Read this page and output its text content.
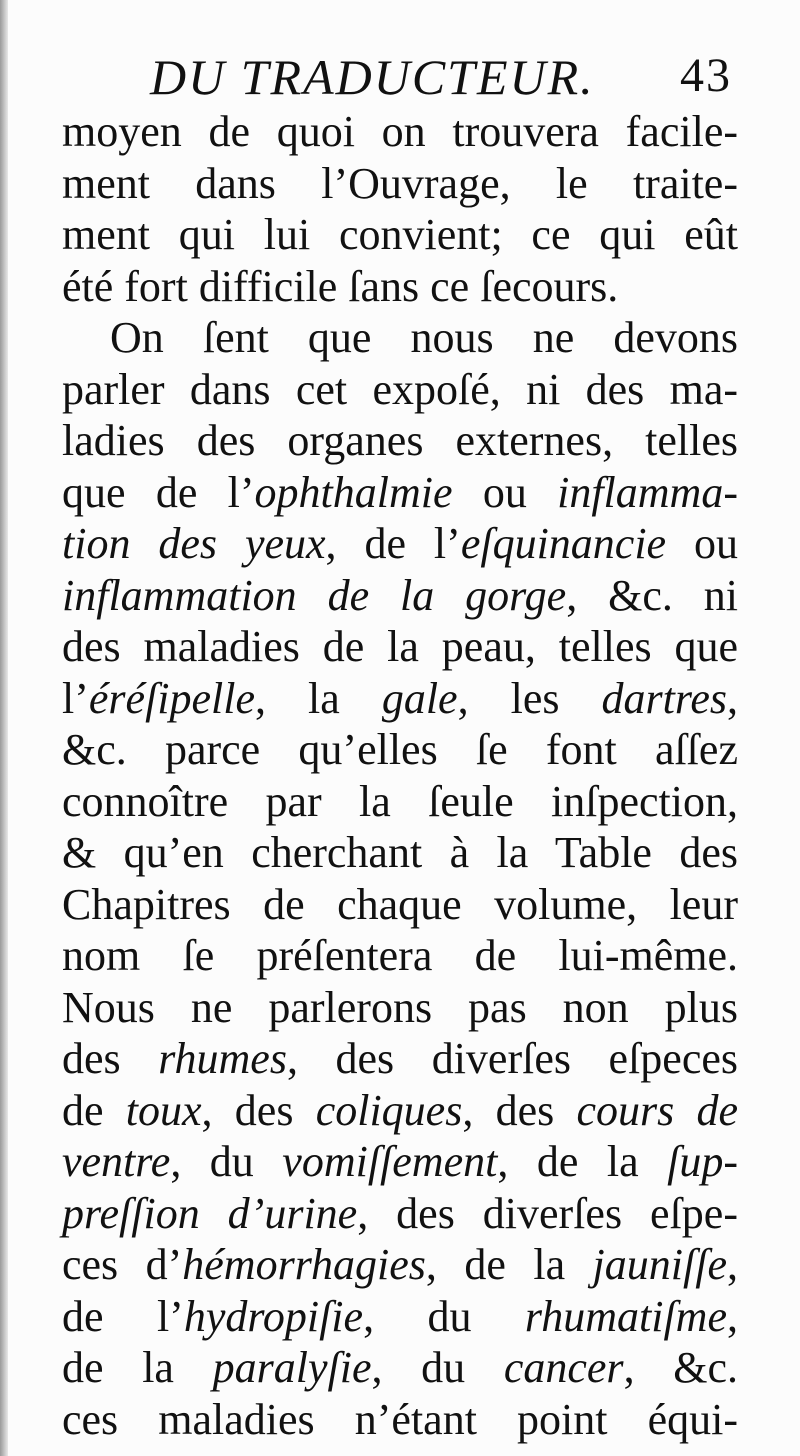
DU TRADUCTEUR. 43
moyen de quoi on trouvera facile-
ment dans l’Ouvrage, le traite-
ment qui lui convient; ce qui eût
été fort difficile ſans ce ſecours.
On ſent que nous ne devons
parler dans cet expoſé, ni des ma-
ladies des organes externes, telles
que de l’ophthalmie ou inflamma-
tion des yeux, de l’eſquinancie ou
inflammation de la gorge, &c. ni
des maladies de la peau, telles que
l’éréſipelle, la gale, les dartres,
&c. parce qu’elles ſe font aſſez
connoître par la ſeule inſpection,
& qu’en cherchant à la Table des
Chapitres de chaque volume, leur
nom ſe préſentera de lui-même.
Nous ne parlerons pas non plus
des rhumes, des diverſes eſpeces
de toux, des coliques, des cours de
ventre, du vomiſſement, de la ſup-
preſſion d’urine, des diverſes eſpe-
ces d’hémorrhagies, de la jauniſſe,
de l’hydropiſie, du rhumatiſme,
de la paralyſie, du cancer, &c.
ces maladies n’étant point équi-
